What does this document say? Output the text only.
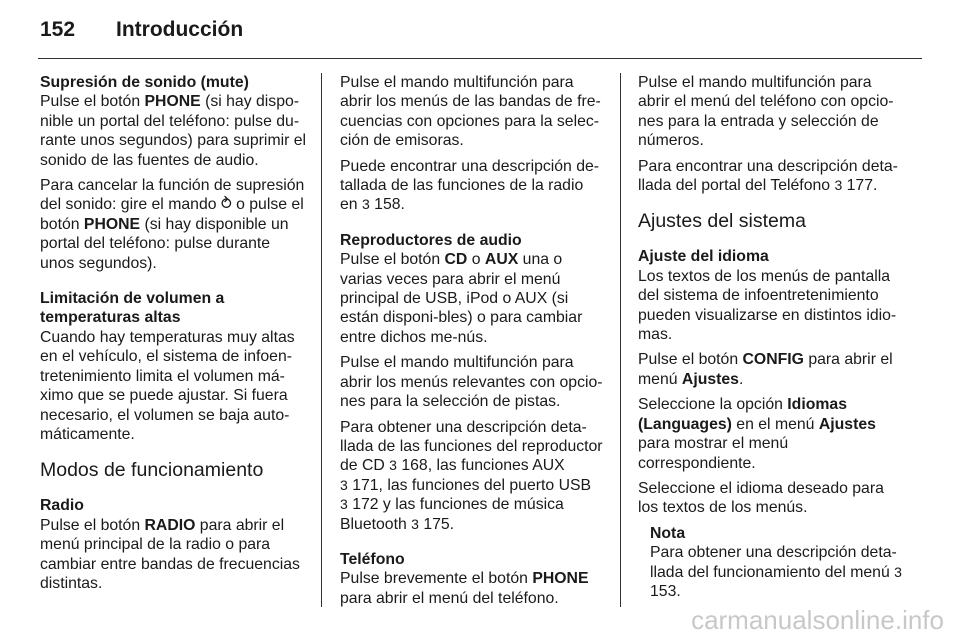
152 Introducción
Supresión de sonido (mute)

Pulse el botón PHONE (si hay dispo-nible un portal del teléfono: pulse du-rante unos segundos) para suprimir el sonido de las fuentes de audio.

Para cancelar la función de supresión del sonido: gire el mando ⥁ o pulse el botón PHONE (si hay disponible un portal del teléfono: pulse durante unos segundos).

Limitación de volumen a temperaturas altas

Cuando hay temperaturas muy altas en el vehículo, el sistema de infoen-tretenimiento limita el volumen má-ximo que se puede ajustar. Si fuera necesario, el volumen se baja auto-máticamente.

Modos de funcionamiento
Radio

Pulse el botón RADIO para abrir el menú principal de la radio o para cambiar entre bandas de frecuencias distintas.

Pulse el mando multifunción para abrir los menús de las bandas de fre-cuencias con opciones para la selec-ción de emisoras.

Puede encontrar una descripción de-tallada de las funciones de la radio en 3 158.

Reproductores de audio

Pulse el botón CD o AUX una o varias veces para abrir el menú principal de USB, iPod o AUX (si están disponi-bles) o para cambiar entre dichos me-nús.

Pulse el mando multifunción para abrir los menús relevantes con opcio-nes para la selección de pistas.

Para obtener una descripción deta-llada de las funciones del reproductor de CD 3 168, las funciones AUX
3 171, las funciones del puerto USB
3 172 y las funciones de música Bluetooth 3 175.

Teléfono

Pulse brevemente el botón PHONE para abrir el menú del teléfono.

Pulse el mando multifunción para abrir el menú del teléfono con opcio-nes para la entrada y selección de números.

Para encontrar una descripción deta-llada del portal del Teléfono 3 177.

Ajustes del sistema
Ajuste del idioma

Los textos de los menús de pantalla del sistema de infoentretenimiento pueden visualizarse en distintos idio-mas.

Pulse el botón CONFIG para abrir el menú Ajustes.

Seleccione la opción Idiomas (Languages) en el menú Ajustes para mostrar el menú correspondiente.

Seleccione el idioma deseado para los textos de los menús.

Nota

Para obtener una descripción deta-llada del funcionamiento del menú 3 153.

carmanualsonline.info
